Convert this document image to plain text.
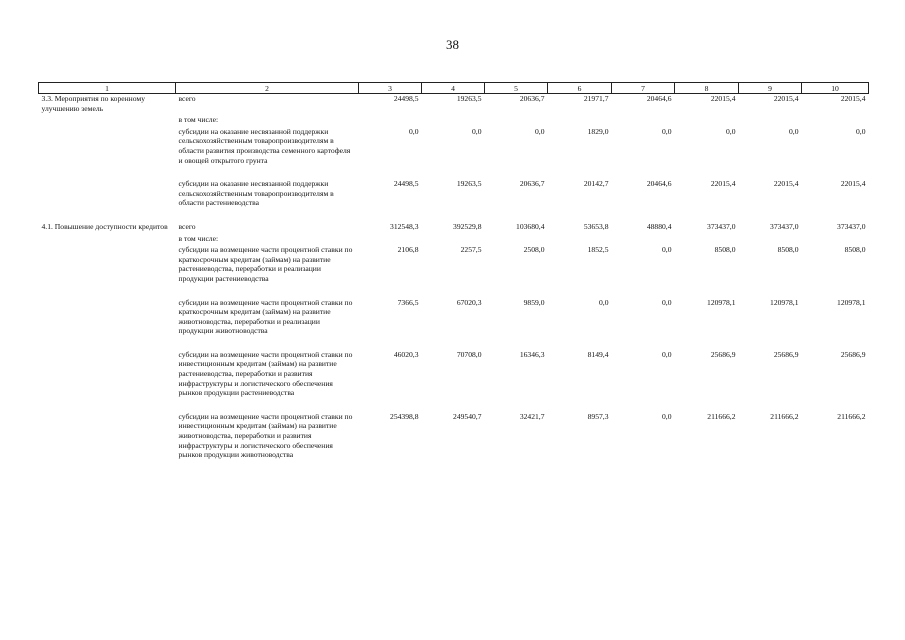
38
1	2	3	4	5	6	7	8	9	10
3.3. Мероприятия по коренному улучшению земель	всего	24498,5	19263,5	20636,7	21971,7	20464,6	22015,4	22015,4	22015,4
	в том числе:								
	субсидии на оказание несвязанной поддержки сельскохозяйственным товаропроизводителям в области развития производства семенного картофеля и овощей открытого грунта	0,0	0,0	0,0	1829,0	0,0	0,0	0,0	0,0

	субсидии на оказание несвязанной поддержки сельскохозяйственным товаропроизводителям в области растениеводства	24498,5	19263,5	20636,7	20142,7	20464,6	22015,4	22015,4	22015,4

4.1. Повышение доступности кредитов	всего	312548,3	392529,8	103680,4	53653,8	48880,4	373437,0	373437,0	373437,0
	в том числе:								
	субсидии на возмещение части процентной ставки по краткосрочным кредитам (займам) на развитие растениеводства, переработки и реализации продукции растениеводства	2106,8	2257,5	2508,0	1852,5	0,0	8508,0	8508,0	8508,0

	субсидии на возмещение части процентной ставки по краткосрочным кредитам (займам) на развитие животноводства, переработки и реализации продукции животноводства	7366,5	67020,3	9859,0	0,0	0,0	120978,1	120978,1	120978,1

	субсидии на возмещение части процентной ставки по инвестиционным кредитам (займам) на развитие растениеводства, переработки и развития инфраструктуры и логистического обеспечения рынков продукции растениеводства	46020,3	70708,0	16346,3	8149,4	0,0	25686,9	25686,9	25686,9

	субсидии на возмещение части процентной ставки по инвестиционным кредитам (займам) на развитие животноводства, переработки и развития инфраструктуры и логистического обеспечения рынков продукции животноводства	254398,8	249540,7	32421,7	8957,3	0,0	211666,2	211666,2	211666,2
